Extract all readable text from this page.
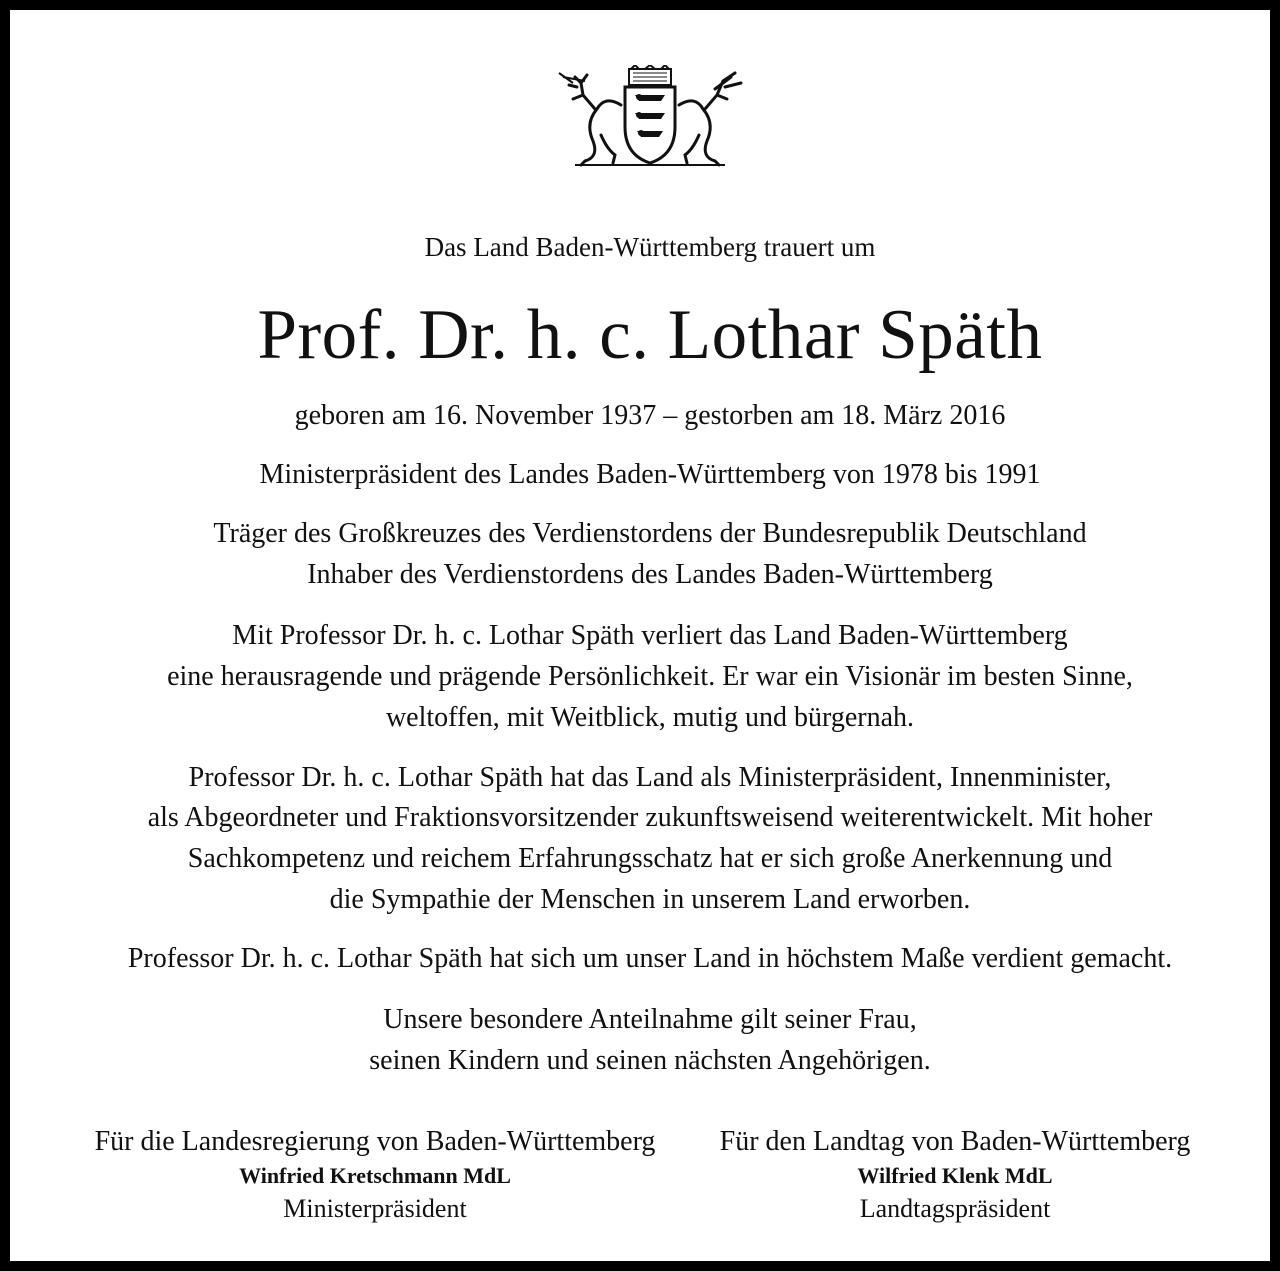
Das Land Baden-Württemberg trauert um
Prof. Dr. h. c. Lothar Späth
geboren am 16. November 1937 – gestorben am 18. März 2016
Ministerpräsident des Landes Baden-Württemberg von 1978 bis 1991
Träger des Großkreuzes des Verdienstordens der Bundesrepublik Deutschland
Inhaber des Verdienstordens des Landes Baden-Württemberg
Mit Professor Dr. h. c. Lothar Späth verliert das Land Baden-Württemberg
eine herausragende und prägende Persönlichkeit. Er war ein Visionär im besten Sinne,
weltoffen, mit Weitblick, mutig und bürgernah.
Professor Dr. h. c. Lothar Späth hat das Land als Ministerpräsident, Innenminister,
als Abgeordneter und Fraktionsvorsitzender zukunftsweisend weiterentwickelt. Mit hoher
Sachkompetenz und reichem Erfahrungsschatz hat er sich große Anerkennung und
die Sympathie der Menschen in unserem Land erworben.
Professor Dr. h. c. Lothar Späth hat sich um unser Land in höchstem Maße verdient gemacht.
Unsere besondere Anteilnahme gilt seiner Frau,
seinen Kindern und seinen nächsten Angehörigen.
Für die Landesregierung von Baden-Württemberg
Winfried Kretschmann MdL
Ministerpräsident
Für den Landtag von Baden-Württemberg
Wilfried Klenk MdL
Landtagspräsident
